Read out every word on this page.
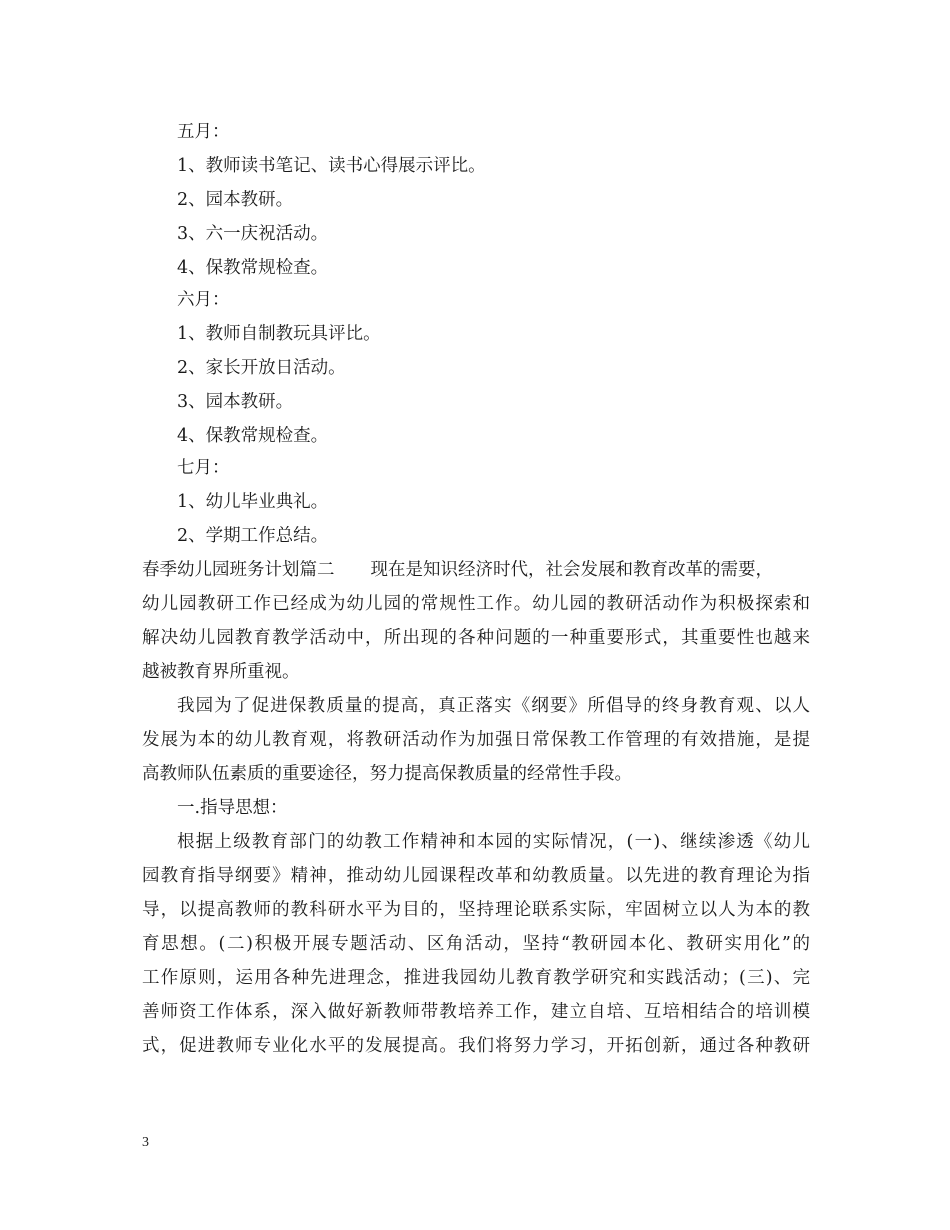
五月：
1、教师读书笔记、读书心得展示评比。
2、园本教研。
3、六一庆祝活动。
4、保教常规检查。
六月：
1、教师自制教玩具评比。
2、家长开放日活动。
3、园本教研。
4、保教常规检查。
七月：
1、幼儿毕业典礼。
2、学期工作总结。
春季幼儿园班务计划篇二 现在是知识经济时代，社会发展和教育改革的需要，
幼儿园教研工作已经成为幼儿园的常规性工作。幼儿园的教研活动作为积极探索和
解决幼儿园教育教学活动中，所出现的各种问题的一种重要形式，其重要性也越来
越被教育界所重视。
我园为了促进保教质量的提高，真正落实《纲要》所倡导的终身教育观、以人
发展为本的幼儿教育观，将教研活动作为加强日常保教工作管理的有效措施，是提
高教师队伍素质的重要途径，努力提高保教质量的经常性手段。
一.指导思想：
根据上级教育部门的幼教工作精神和本园的实际情况，(一)、继续渗透《幼儿
园教育指导纲要》精神，推动幼儿园课程改革和幼教质量。以先进的教育理论为指
导，以提高教师的教科研水平为目的，坚持理论联系实际，牢固树立以人为本的教
育思想。(二)积极开展专题活动、区角活动，坚持“教研园本化、教研实用化”的
工作原则，运用各种先进理念，推进我园幼儿教育教学研究和实践活动；(三)、完
善师资工作体系，深入做好新教师带教培养工作，建立自培、互培相结合的培训模
式，促进教师专业化水平的发展提高。我们将努力学习，开拓创新，通过各种教研
3
